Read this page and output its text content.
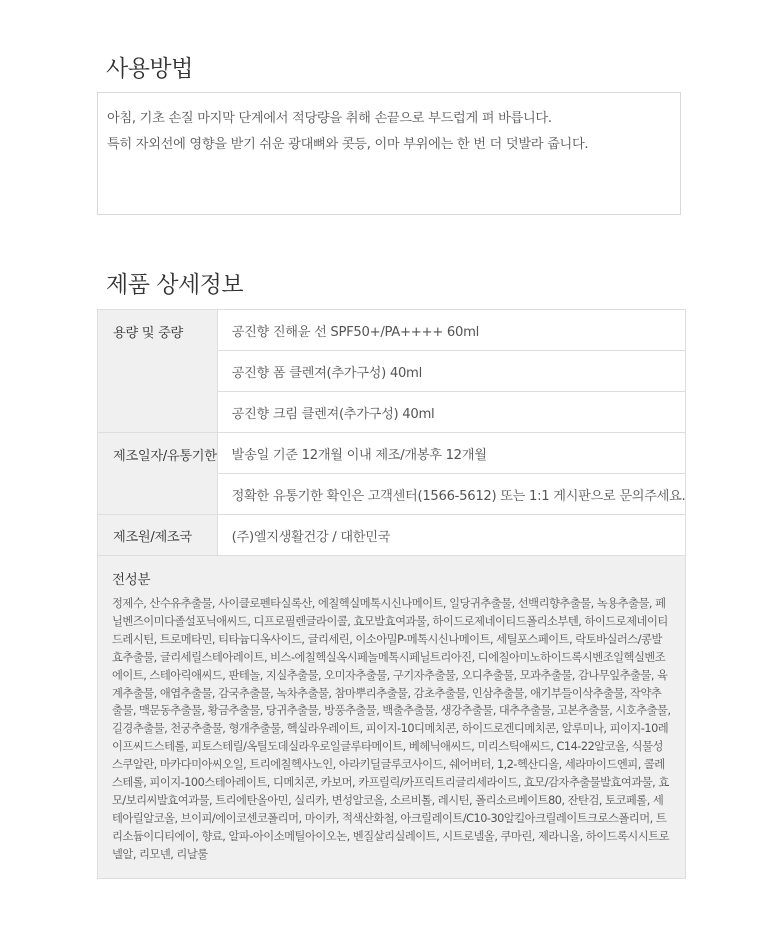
사용방법

아침, 기초 손질 마지막 단계에서 적당량을 취해 손끝으로 부드럽게 펴 바릅니다.

특히 자외선에 영향을 받기 쉬운 광대뼈와 콧등, 이마 부위에는 한 번 더 덧발라 줍니다.

제품 상세정보
용량 및 중량	공진향 진해윤 선 SPF50+/PA++++ 60ml
	공진향 폼 클렌져(추가구성) 40ml
	공진향 크림 클렌져(추가구성) 40ml
제조일자/유통기한	발송일 기준 12개월 이내 제조/개봉후 12개월
	정확한 유통기한 확인은 고객센터(1566-5612) 또는 1:1 게시판으로 문의주세요.
제조원/제조국	(주)엘지생활건강 / 대한민국

전성분

정제수, 산수유추출물, 사이클로펜타실록산, 에칠헥실메톡시신나메이트, 일당귀추출물, 선백리향추출물, 녹용추출물, 페닐벤즈이미다졸설포닉애씨드, 디프로필렌글라이콜, 효모발효여과물, 하이드로제네이티드폴리소부텐, 하이드로제네이티드레시틴, 트로메타민, 티타늄디옥사이드, 글리세린, 이소아밀P-메톡시신나메이트, 세틸포스페이트, 락토바실러스/콩발효추출물, 글리세릴스테아레이트, 비스-에칠헥실옥시페놀메톡시페닐트리아진, 디에칠아미노하이드록시벤조일헥실벤조에이트, 스테아릭애씨드, 판테놀, 지실추출물, 오미자추출물, 구기자추출물, 오디추출물, 모과추출물, 감나무잎추출물, 육계추출물, 애엽추출물, 감국추출물, 녹차추출물, 참마뿌리추출물, 감초추출물, 인삼추출물, 애기부들이삭추출물, 작약추출물, 맥문동추출물, 황금추출물, 당귀추출물, 방풍추출물, 백출추출물, 생강추출물, 대추추출물, 고본추출물, 시호추출물, 길경추출물, 천궁추출물, 형개추출물, 헥실라우레이트, 피이지-10디메치콘, 하이드로겐디메치콘, 알루미나, 피이지-10레이프씨드스테롤, 피토스테릴/옥틸도데실라우로일글루타메이트, 베헤닉애씨드, 미리스틱애씨드, C14-22알코올, 식물성스쿠알란, 마카다미아씨오일, 트리에칠헥사노인, 아라키딜글루코사이드, 쉐어버터, 1,2-헥산디올, 세라마이드엔피, 콜레스테롤, 피이지-100스테아레이트, 디메치콘, 카보머, 카프릴릭/카프릭트리글리세라이드, 효모/감자추출물발효여과물, 효모/보리씨발효여과물, 트리에탄올아민, 실리카, 변성알코올, 소르비톨, 레시틴, 폴리소르베이트80, 잔탄검, 토코페롤, 세테아릴알코올, 브이피/에이코센코폴리머, 마이카, 적색산화철, 아크릴레이트/C10-30알킬아크릴레이트크로스폴리머, 트리소듐이디티에이, 향료, 알파-아이소메틸아이오논, 벤질살리실레이트, 시트로넬올, 쿠마린, 제라니올, 하이드록시시트로넬알, 리모넨, 리날룰	
